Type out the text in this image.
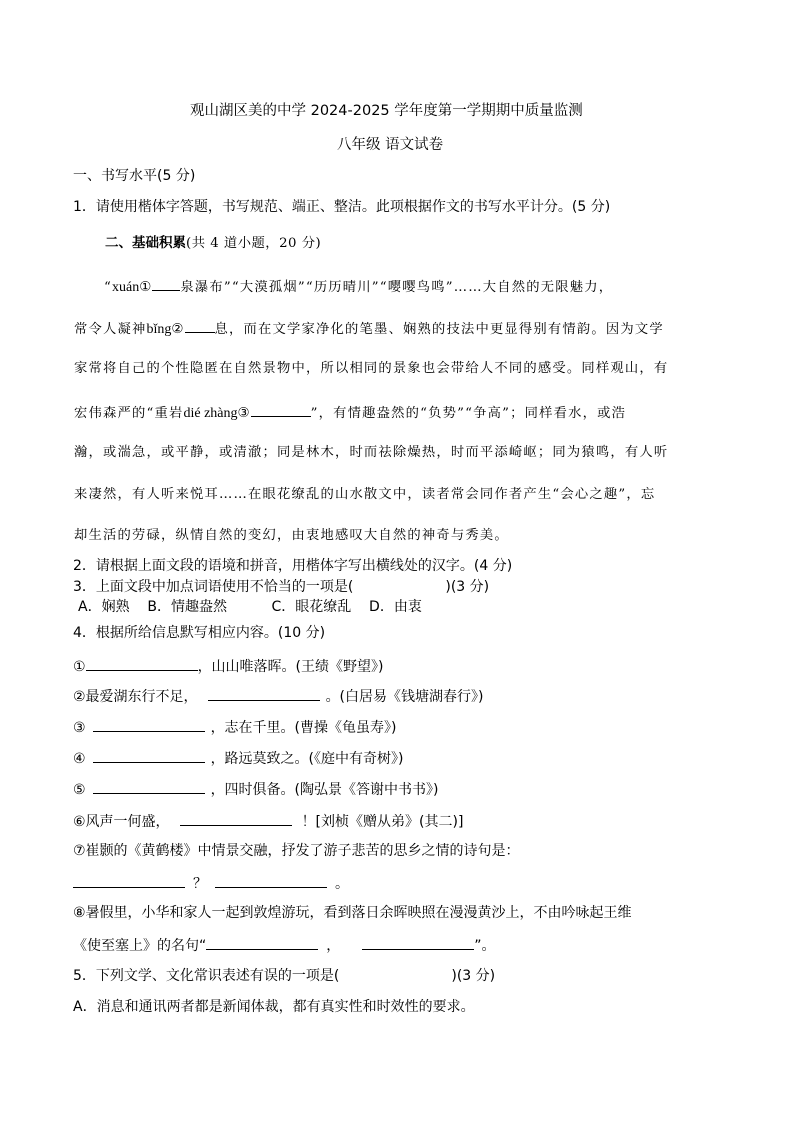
观山湖区美的中学 2024-2025 学年度第一学期期中质量监测
八年级 语文试卷
一、书写水平(5 分)
1．请使用楷体字答题，书写规范、端正、整洁。此项根据作文的书写水平计分。(5 分)
二、基础积累(共 4 道小题，20 分)
“xuán① 泉瀑布”“大漠孤烟”“历历晴川”“嘤嘤鸟鸣”……大自然的无限魅力，
常令人凝神bǐng② 息，而在文学家净化的笔墨、娴熟的技法中更显得别有情韵。因为文学
家常将自己的个性隐匿在自然景物中，所以相同的景象也会带给人不同的感受。同样观山，有
宏伟森严的“重岩dié zhàng③	”，有情趣盎然的“负势”“争高”；同样看水，或浩
瀚，或湍急，或平静，或清澈；同是林木，时而祛除燥热，时而平添崎岖；同为猿鸣，有人听
来凄然，有人听来悦耳……在眼花缭乱的山水散文中，读者常会同作者产生“会心之趣”，忘
却生活的劳碌，纵情自然的变幻，由衷地感叹大自然的神奇与秀美。
2．请根据上面文段的语境和拼音，用楷体字写出横线处的汉字。(4 分)
3．上面文段中加点词语使用不恰当的一项是(	)(3 分)
A．娴熟    B．情趣盎然          C．眼花缭乱    D．由衷
4．根据所给信息默写相应内容。(10 分)
①	，山山唯落晖。(王绩《野望》)
②最爱湖东行不足，	。(白居易《钱塘湖春行》)
③	，志在千里。(曹操《龟虽寿》)
④	，路远莫致之。(《庭中有奇树》)
⑤	，四时俱备。(陶弘景《答谢中书书》)
⑥风声一何盛，	！[刘桢《赠从弟》(其二)]
⑦崔颢的《黄鹤楼》中情景交融，抒发了游子悲苦的思乡之情的诗句是：
？	。
⑧暑假里，小华和家人一起到敦煌游玩，看到落日余晖映照在漫漫黄沙上，不由吟咏起王维
《使至塞上》的名句“	，	”。
5．下列文学、文化常识表述有误的一项是(	)(3 分)
A．消息和通讯两者都是新闻体裁，都有真实性和时效性的要求。
